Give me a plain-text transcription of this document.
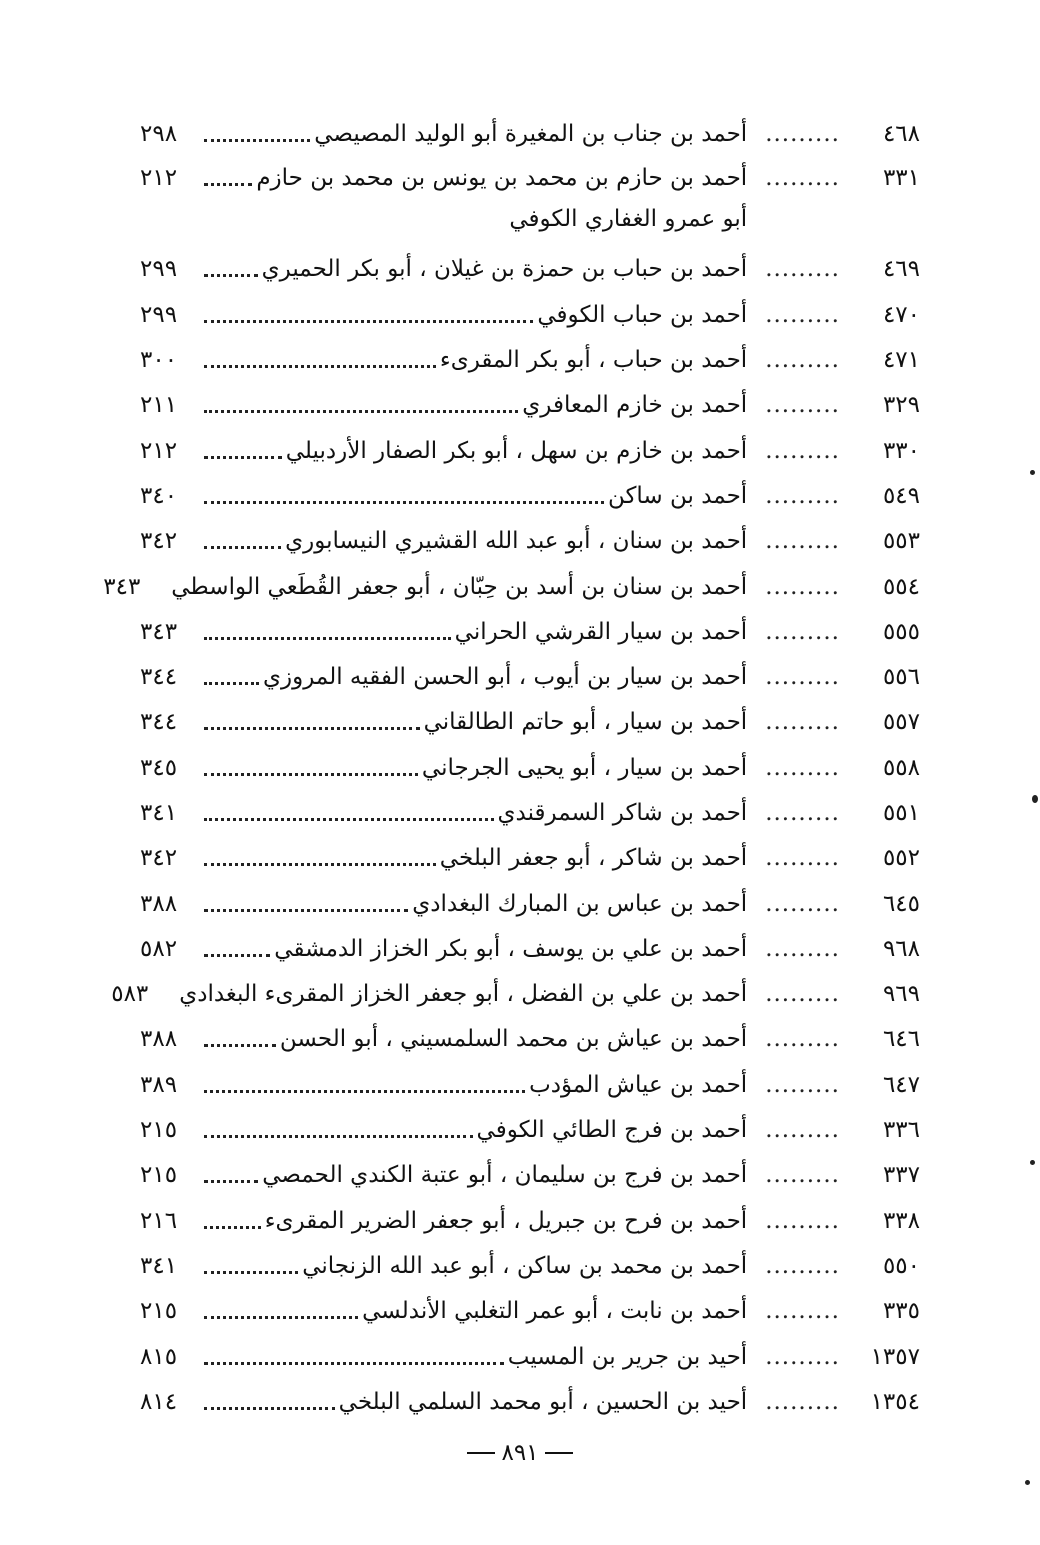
٤٦٨
.........
أحمد بن جناب بن المغيرة أبو الوليد المصيصي
٢٩٨
٣٣١
.........
أحمد بن حازم بن محمد بن يونس بن محمد بن حازم
٢١٢
أبو عمرو الغفاري الكوفي
٤٦٩
.........
أحمد بن حباب بن حمزة بن غيلان ، أبو بكر الحميري
٢٩٩
٤٧٠
.........
أحمد بن حباب الكوفي
٢٩٩
٤٧١
.........
أحمد بن حباب ، أبو بكر المقرىء
٣٠٠
٣٢٩
.........
أحمد بن خازم المعافري
٢١١
٣٣٠
.........
أحمد بن خازم بن سهل ، أبو بكر الصفار الأردبيلي
٢١٢
٥٤٩
.........
أحمد بن ساكن
٣٤٠
٥٥٣
.........
أحمد بن سنان ، أبو عبد الله القشيري النيسابوري
٣٤٢
٥٥٤
.........
أحمد بن سنان بن أسد بن حِبّان ، أبو جعفر القُطَعي الواسطي
٣٤٣
٥٥٥
.........
أحمد بن سيار القرشي الحراني
٣٤٣
٥٥٦
.........
أحمد بن سيار بن أيوب ، أبو الحسن الفقيه المروزي
٣٤٤
٥٥٧
.........
أحمد بن سيار ، أبو حاتم الطالقاني
٣٤٤
٥٥٨
.........
أحمد بن سيار ، أبو يحيى الجرجاني
٣٤٥
٥٥١
.........
أحمد بن شاكر السمرقندي
٣٤١
٥٥٢
.........
أحمد بن شاكر ، أبو جعفر البلخي
٣٤٢
٦٤٥
.........
أحمد بن عباس بن المبارك البغدادي
٣٨٨
٩٦٨
.........
أحمد بن علي بن يوسف ، أبو بكر الخزاز الدمشقي
٥٨٢
٩٦٩
.........
أحمد بن علي بن الفضل ، أبو جعفر الخزاز المقرىء البغدادي
٥٨٣
٦٤٦
.........
أحمد بن عياش بن محمد السلمسيني ، أبو الحسن
٣٨٨
٦٤٧
.........
أحمد بن عياش المؤدب
٣٨٩
٣٣٦
.........
أحمد بن فرج الطائي الكوفي
٢١٥
٣٣٧
.........
أحمد بن فرج بن سليمان ، أبو عتبة الكندي الحمصي
٢١٥
٣٣٨
.........
أحمد بن فرح بن جبريل ، أبو جعفر الضرير المقرىء
٢١٦
٥٥٠
.........
أحمد بن محمد بن ساكن ، أبو عبد الله الزنجاني
٣٤١
٣٣٥
.........
أحمد بن نابت ، أبو عمر التغلبي الأندلسي
٢١٥
١٣٥٧
.........
أحيد بن جرير بن المسيب
٨١٥
١٣٥٤
.........
أحيد بن الحسين ، أبو محمد السلمي البلخي
٨١٤
٨٩١
